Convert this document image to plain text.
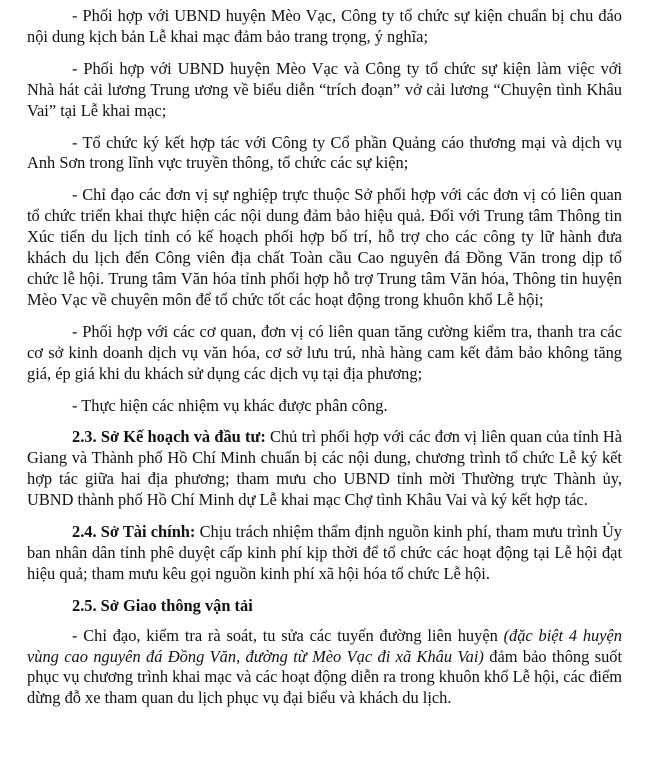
- Phối hợp với UBND huyện Mèo Vạc, Công ty tổ chức sự kiện chuẩn bị chu đáo nội dung kịch bản Lễ khai mạc đảm bảo trang trọng, ý nghĩa;

- Phối hợp với UBND huyện Mèo Vạc và Công ty tổ chức sự kiện làm việc với Nhà hát cải lương Trung ương về biểu diễn “trích đoạn” vở cải lương “Chuyện tình Khâu Vai” tại Lễ khai mạc;

- Tổ chức ký kết hợp tác với Công ty Cổ phần Quảng cáo thương mại và dịch vụ Anh Sơn trong lĩnh vực truyền thông, tổ chức các sự kiện;

- Chỉ đạo các đơn vị sự nghiệp trực thuộc Sở phối hợp với các đơn vị có liên quan tổ chức triển khai thực hiện các nội dung đảm bảo hiệu quả. Đối với Trung tâm Thông tin Xúc tiến du lịch tỉnh có kế hoạch phối hợp bố trí, hỗ trợ cho các công ty lữ hành đưa khách du lịch đến Công viên địa chất Toàn cầu Cao nguyên đá Đồng Văn trong dịp tổ chức lễ hội. Trung tâm Văn hóa tỉnh phối hợp hỗ trợ Trung tâm Văn hóa, Thông tin huyện Mèo Vạc về chuyên môn để tổ chức tốt các hoạt động trong khuôn khổ Lễ hội;

- Phối hợp với các cơ quan, đơn vị có liên quan tăng cường kiểm tra, thanh tra các cơ sở kinh doanh dịch vụ văn hóa, cơ sở lưu trú, nhà hàng cam kết đảm bảo không tăng giá, ép giá khi du khách sử dụng các dịch vụ tại địa phương;

- Thực hiện các nhiệm vụ khác được phân công.

2.3. Sở Kế hoạch và đầu tư: Chủ trì phối hợp với các đơn vị liên quan của tỉnh Hà Giang và Thành phố Hồ Chí Minh chuẩn bị các nội dung, chương trình tổ chức Lễ ký kết hợp tác giữa hai địa phương; tham mưu cho UBND tỉnh mời Thường trực Thành ủy, UBND thành phố Hồ Chí Minh dự Lễ khai mạc Chợ tình Khâu Vai và ký kết hợp tác.

2.4. Sở Tài chính: Chịu trách nhiệm thẩm định nguồn kinh phí, tham mưu trình Ủy ban nhân dân tỉnh phê duyệt cấp kinh phí kịp thời để tổ chức các hoạt động tại Lễ hội đạt hiệu quả; tham mưu kêu gọi nguồn kinh phí xã hội hóa tổ chức Lễ hội.

2.5. Sở Giao thông vận tải

- Chỉ đạo, kiểm tra rà soát, tu sửa các tuyến đường liên huyện (đặc biệt 4 huyện vùng cao nguyên đá Đồng Văn, đường từ Mèo Vạc đi xã Khâu Vai) đảm bảo thông suốt phục vụ chương trình khai mạc và các hoạt động diễn ra trong khuôn khổ Lễ hội, các điểm dừng đỗ xe tham quan du lịch phục vụ đại biểu và khách du lịch.
